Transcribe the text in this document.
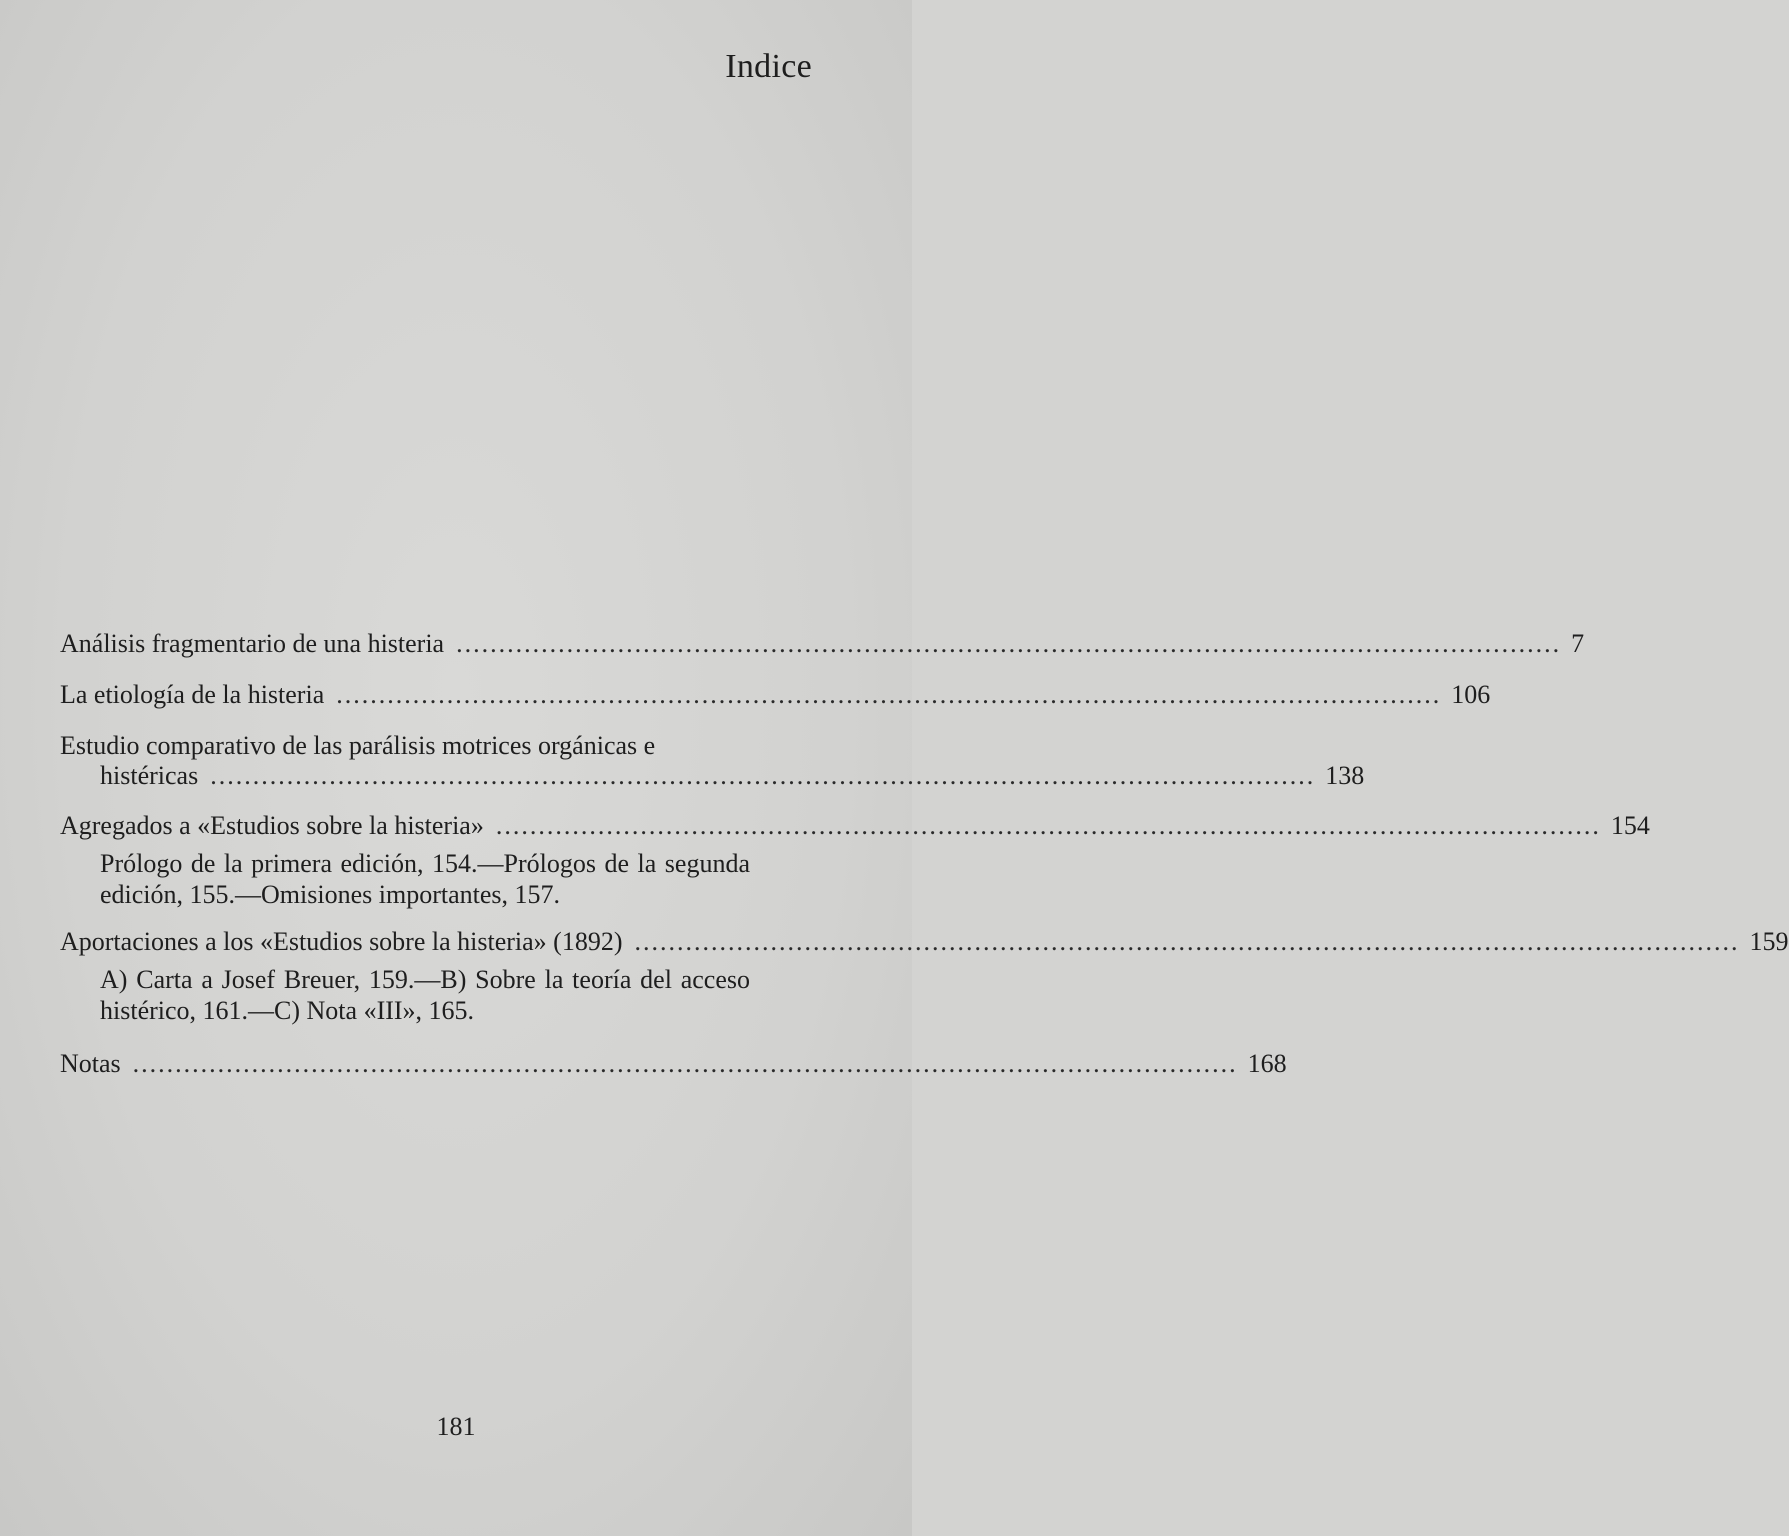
Indice
Análisis fragmentario de una histeria .................................................................................................................................. 7
La etiología de la histeria .................................................................................................................................. 106
Estudio comparativo de las parálisis motrices orgánicas e
histéricas .................................................................................................................................. 138
Agregados a «Estudios sobre la histeria» .................................................................................................................................. 154
Prólogo de la primera edición, 154.—Prólogos de la segunda edición, 155.—Omisiones importantes, 157.
Aportaciones a los «Estudios sobre la histeria» (1892) .................................................................................................................................. 159
A) Carta a Josef Breuer, 159.—B) Sobre la teoría del acceso histérico, 161.—C) Nota «III», 165.
Notas .................................................................................................................................. 168
181
